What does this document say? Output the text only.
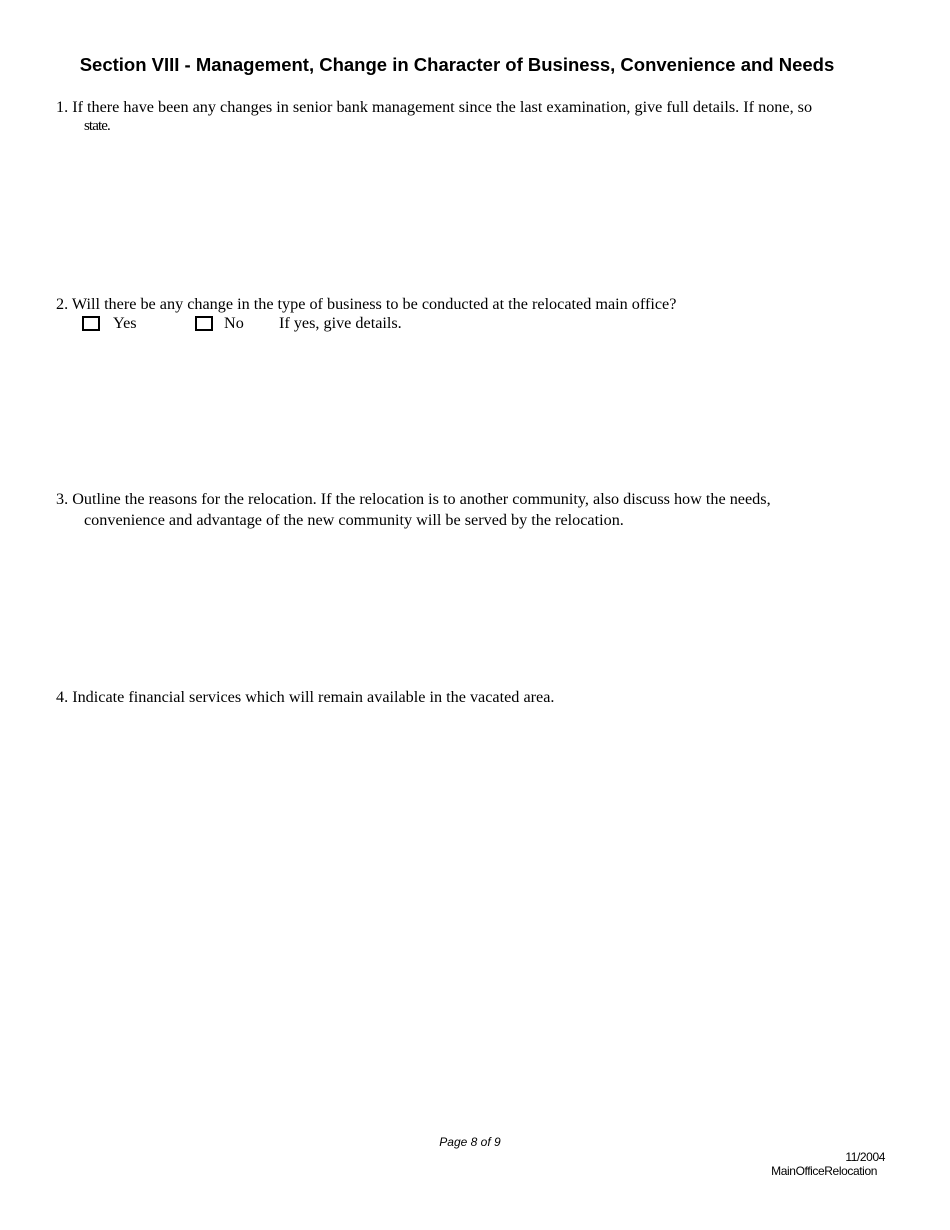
Section VIII - Management, Change in Character of Business, Convenience and Needs
1. If there have been any changes in senior bank management since the last examination, give full details. If none, so
state.
2. Will there be any change in the type of business to be conducted at the relocated main office?
Yes	No If yes, give details.
3. Outline the reasons for the relocation. If the relocation is to another community, also discuss how the needs,
convenience and advantage of the new community will be served by the relocation.
4. Indicate financial services which will remain available in the vacated area.
Page 8 of 9
11/2004
MainOfficeRelocation
